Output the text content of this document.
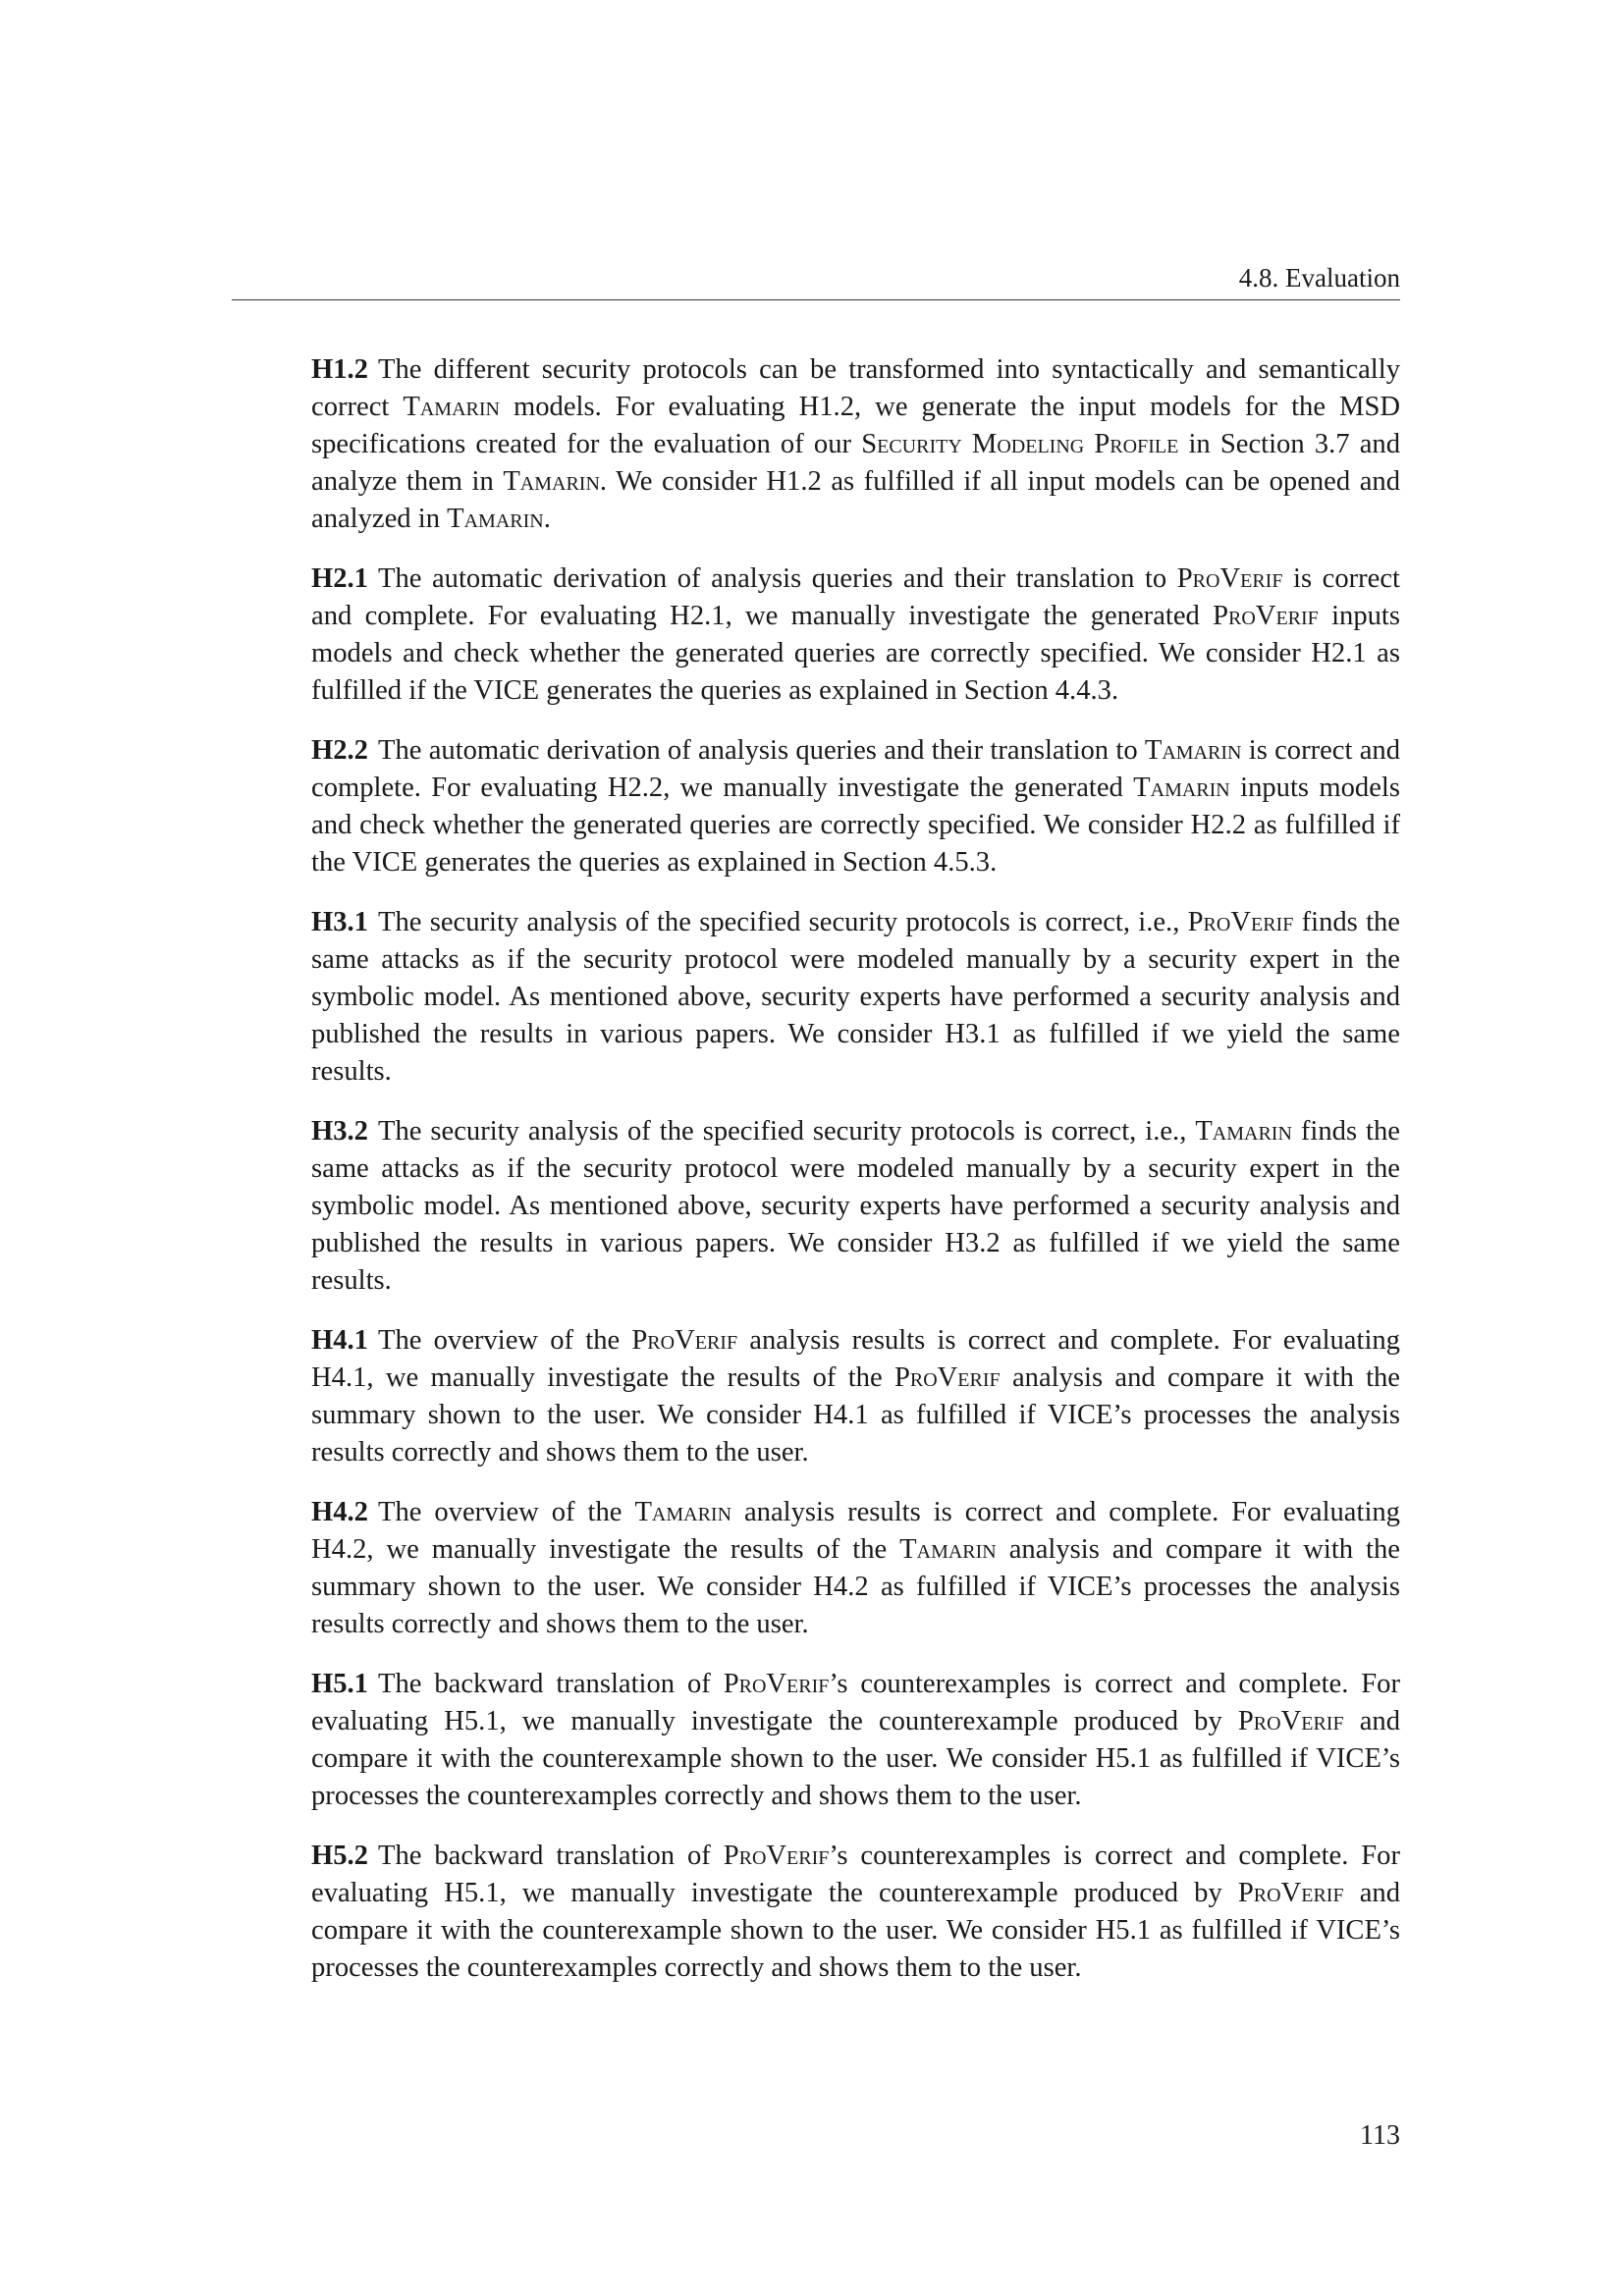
4.8. Evaluation

H1.2 The different security protocols can be transformed into syntactically and semantically correct Tamarin models. For evaluating H1.2, we generate the input models for the MSD specifications created for the evaluation of our Security Modeling Profile in Section 3.7 and analyze them in Tamarin. We consider H1.2 as fulfilled if all input models can be opened and analyzed in Tamarin.

H2.1 The automatic derivation of analysis queries and their translation to ProVerif is correct and complete. For evaluating H2.1, we manually investigate the generated ProVerif inputs models and check whether the generated queries are correctly specified. We consider H2.1 as fulfilled if the VICE generates the queries as explained in Section 4.4.3.

H2.2 The automatic derivation of analysis queries and their translation to Tamarin is correct and complete. For evaluating H2.2, we manually investigate the generated Tamarin inputs models and check whether the generated queries are correctly specified. We consider H2.2 as fulfilled if the VICE generates the queries as explained in Section 4.5.3.

H3.1 The security analysis of the specified security protocols is correct, i.e., ProVerif finds the same attacks as if the security protocol were modeled manually by a security expert in the symbolic model. As mentioned above, security experts have performed a security analysis and published the results in various papers. We consider H3.1 as fulfilled if we yield the same results.

H3.2 The security analysis of the specified security protocols is correct, i.e., Tamarin finds the same attacks as if the security protocol were modeled manually by a security expert in the symbolic model. As mentioned above, security experts have performed a security analysis and published the results in various papers. We consider H3.2 as fulfilled if we yield the same results.

H4.1 The overview of the ProVerif analysis results is correct and complete. For evaluating H4.1, we manually investigate the results of the ProVerif analysis and compare it with the summary shown to the user. We consider H4.1 as fulfilled if VICE’s processes the analysis results correctly and shows them to the user.

H4.2 The overview of the Tamarin analysis results is correct and complete. For evaluating H4.2, we manually investigate the results of the Tamarin analysis and compare it with the summary shown to the user. We consider H4.2 as fulfilled if VICE’s processes the analysis results correctly and shows them to the user.

H5.1 The backward translation of ProVerif’s counterexamples is correct and complete. For evaluating H5.1, we manually investigate the counterexample produced by ProVerif and compare it with the counterexample shown to the user. We consider H5.1 as fulfilled if VICE’s processes the counterexamples correctly and shows them to the user.

H5.2 The backward translation of ProVerif’s counterexamples is correct and complete. For evaluating H5.1, we manually investigate the counterexample produced by ProVerif and compare it with the counterexample shown to the user. We consider H5.1 as fulfilled if VICE’s processes the counterexamples correctly and shows them to the user.

113
